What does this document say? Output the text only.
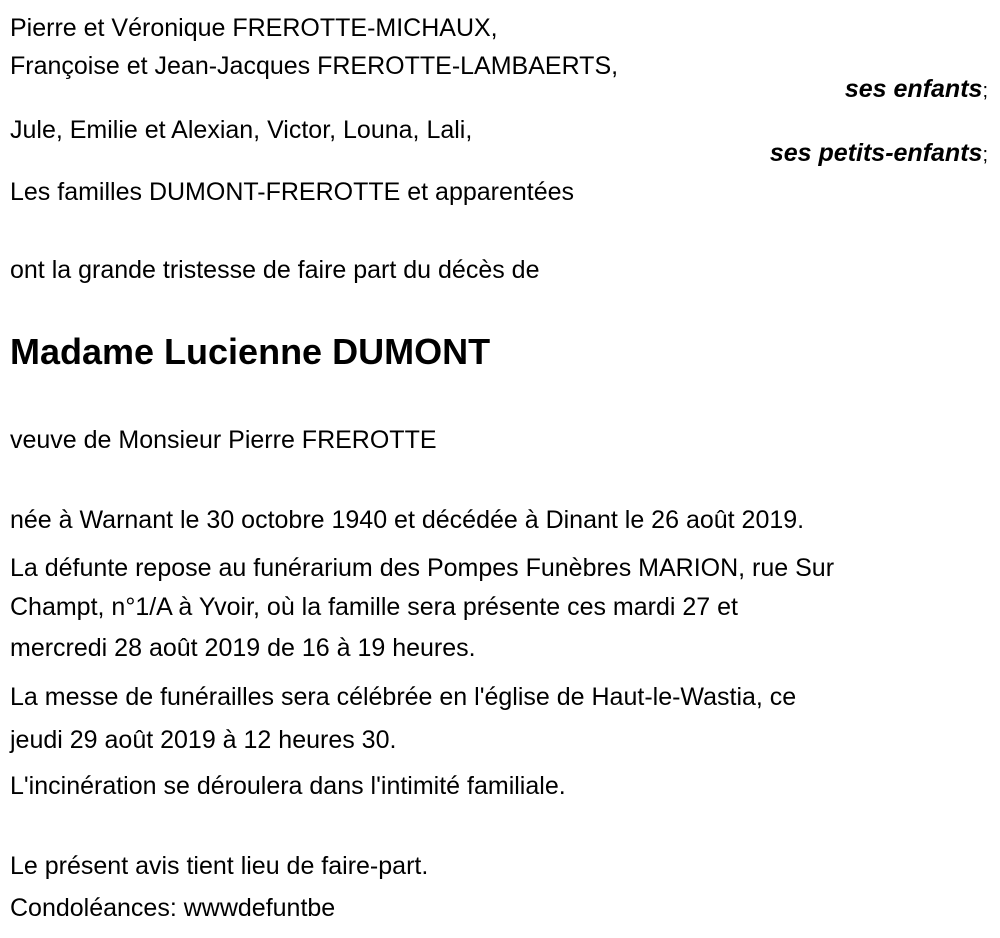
Pierre et Véronique FREROTTE-MICHAUX,
Françoise et Jean-Jacques FREROTTE-LAMBAERTS,
ses enfants;
Jule, Emilie et Alexian, Victor, Louna, Lali,
ses petits-enfants;
Les familles DUMONT-FREROTTE et apparentées
ont la grande tristesse de faire part du décès de
Madame Lucienne DUMONT
veuve de Monsieur Pierre FREROTTE
née à Warnant le 30 octobre 1940 et décédée à Dinant le 26 août 2019.
La défunte repose au funérarium des Pompes Funèbres MARION, rue Sur
Champt, n°1/A à Yvoir, où la famille sera présente ces mardi 27 et
mercredi 28 août 2019 de 16 à 19 heures.
La messe de funérailles sera célébrée en l'église de Haut-le-Wastia, ce
jeudi 29 août 2019 à 12 heures 30.
L'incinération se déroulera dans l'intimité familiale.
Le présent avis tient lieu de faire-part.
Condoléances: wwwdefuntbe
